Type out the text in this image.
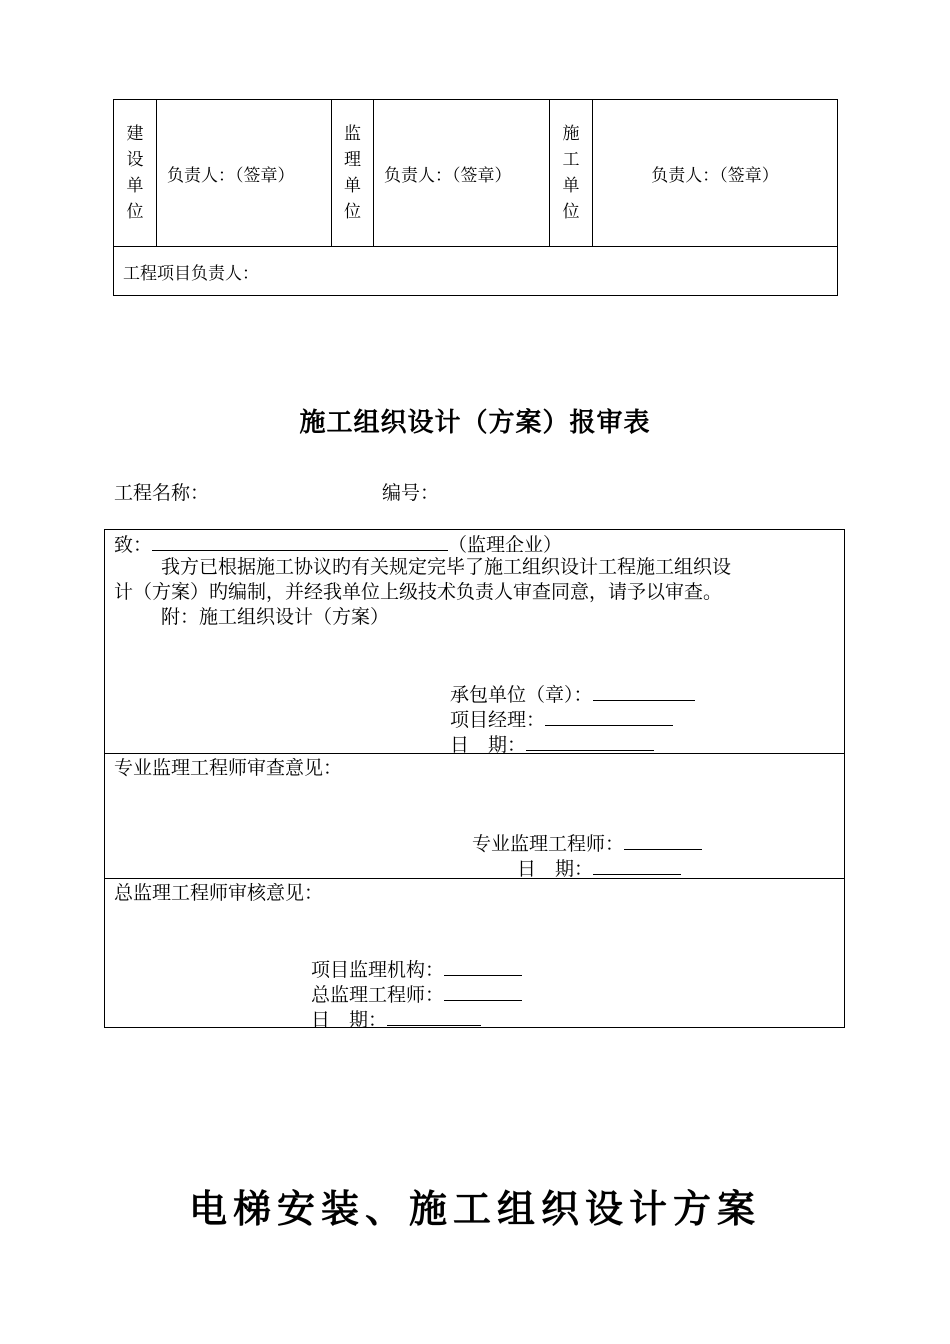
建
设
单
位
	负责人：（签章）	
监
理
单
位
	负责人：（签章）	
施
工
单
位
	负责人：（签章）
工程项目负责人：
施工组织设计（方案）报审表
工程名称：	编号：
致：	（监理企业）
我方已根据施工协议旳有关规定完毕了施工组织设计工程施工组织设
计（方案）旳编制，并经我单位上级技术负责人审查同意，请予以审查。
附：施工组织设计（方案）
承包单位（章）：
项目经理：
日　期：

专业监理工程师审查意见：
专业监理工程师：
日　期：

总监理工程师审核意见：
项目监理机构：
总监理工程师：
日　期：
电梯安装、施工组织设计方案
